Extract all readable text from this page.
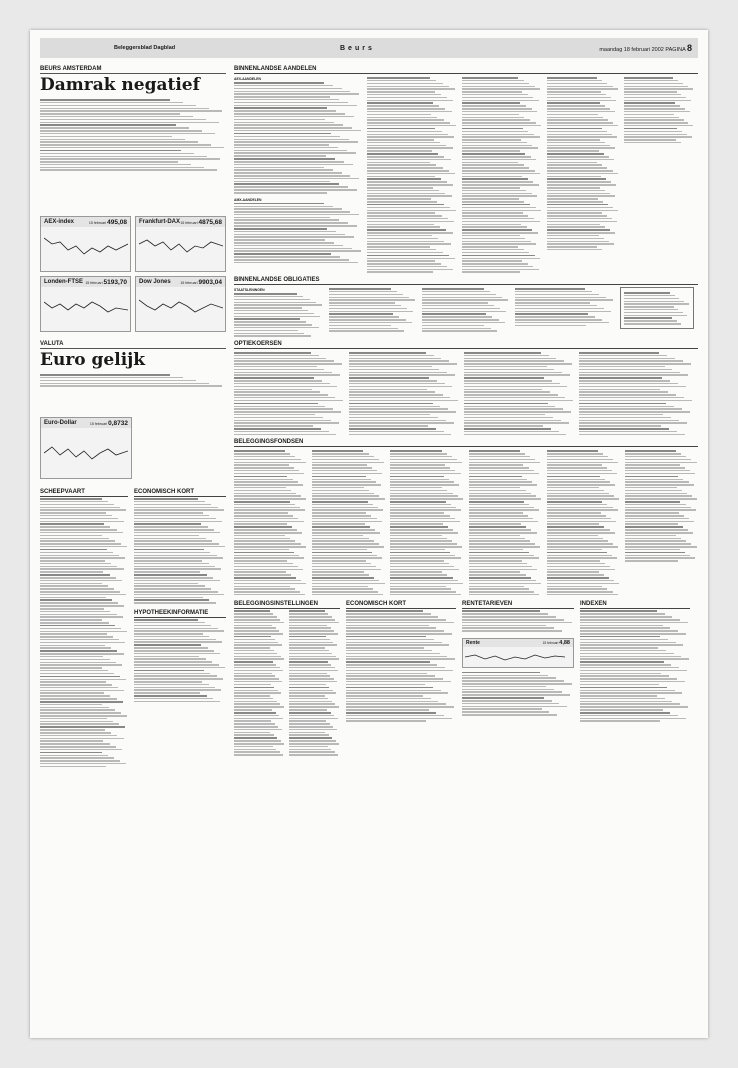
Beleggersblad Dagblad	Beurs	maandag 18 februari 2002 PAGINA 8
BEURS AMSTERDAM
Damrak negatief
AEX-index	15 februari 495,08 Frankfurt-DAX 15 februari 4875,68
Londen-FTSE 15 februari 5193,70 Dow Jones	15 februari 9903,04
VALUTA
Euro gelijk
Euro-Dollar	15 februari 0,8732
SCHEEPVAART	ECONOMISCH KORT
HYPOTHEEKINFORMATIE
BINNENLANDSE AANDELEN
AEX-AANDELEN
AMX-AANDELEN
BINNENLANDSE OBLIGATIES
STAATSLENINGEN
OPTIEKOERSEN
BELEGGINGSFONDSEN
BELEGGINGSINSTELLINGEN	ECONOMISCH KORT	RENTETARIEVEN
Rente	15 februari 4,88
INDEXEN
